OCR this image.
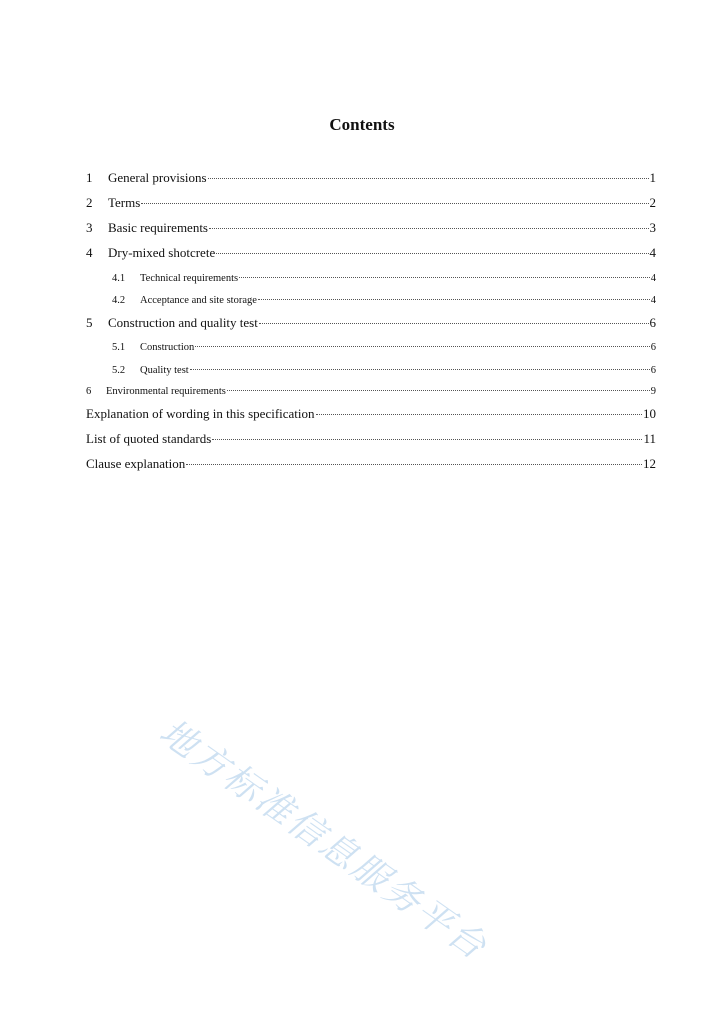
Contents
1	General provisions	1
2	Terms	2
3	Basic requirements	3
4	Dry-mixed shotcrete	4
4.1	Technical requirements	4
4.2	Acceptance and site storage	4
5	Construction and quality test	6
5.1	Construction	6
5.2	Quality test	6
6	Environmental requirements	9
Explanation of wording in this specification	10
List of quoted standards	11
Clause explanation	12
地方标准信息服务平台
